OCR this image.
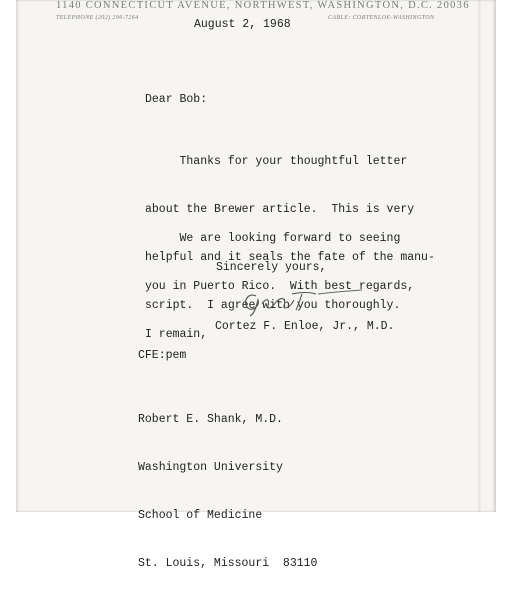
1140 CONNECTICUT AVENUE, NORTHWEST, WASHINGTON, D.C. 20036
TELEPHONE (202) 296-7264	CABLE: CORTENLOE-WASHINGTON
August 2, 1968
Dear Bob:

Thanks for your thoughtful letter

about the Brewer article.  This is very

helpful and it seals the fate of the manu-

script.  I agree with you thoroughly.

We are looking forward to seeing

you in Puerto Rico.  With best regards,

I remain,

Sincerely yours,
Cortez F. Enloe, Jr., M.D.
CFE:pem

Robert E. Shank, M.D.

Washington University

School of Medicine

St. Louis, Missouri  83110
